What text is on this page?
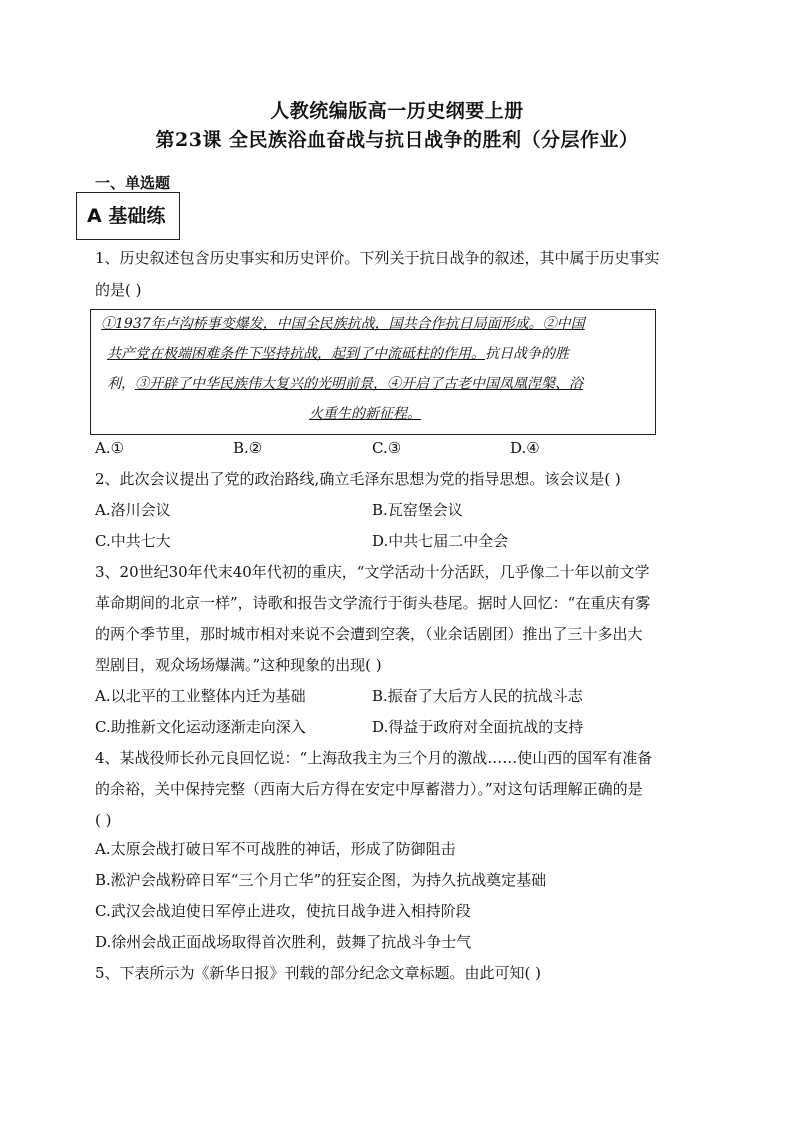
人教统编版高一历史纲要上册
第23课 全民族浴血奋战与抗日战争的胜利（分层作业）
一、单选题
A 基础练
1、历史叙述包含历史事实和历史评价。下列关于抗日战争的叙述，其中属于历史事实
的是( )
①1937年卢沟桥事变爆发，中国全民族抗战，国共合作抗日局面形成。②中国
共产党在极端困难条件下坚持抗战，起到了中流砥柱的作用。抗日战争的胜
利，③开辟了中华民族伟大复兴的光明前景，④开启了古老中国凤凰涅槃、浴
火重生的新征程。
A.①	B.②	C.③	D.④
2、此次会议提出了党的政治路线,确立毛泽东思想为党的指导思想。该会议是( )
A.洛川会议	B.瓦窑堡会议
C.中共七大	D.中共七届二中全会
3、20世纪30年代末40年代初的重庆，“文学活动十分活跃，几乎像二十年以前文学
革命期间的北京一样”，诗歌和报告文学流行于街头巷尾。据时人回忆：“在重庆有雾
的两个季节里，那时城市相对来说不会遭到空袭，（业余话剧团）推出了三十多出大
型剧目，观众场场爆满。”这种现象的出现( )
A.以北平的工业整体内迁为基础	B.振奋了大后方人民的抗战斗志
C.助推新文化运动逐渐走向深入	D.得益于政府对全面抗战的支持
4、某战役师长孙元良回忆说：“上海敌我主为三个月的激战……使山西的国军有准备
的余裕，关中保持完整（西南大后方得在安定中厚蓄潜力）。”对这句话理解正确的是
( )
A.太原会战打破日军不可战胜的神话，形成了防御阻击
B.淞沪会战粉碎日军“三个月亡华”的狂妄企图，为持久抗战奠定基础
C.武汉会战迫使日军停止进攻，使抗日战争进入相持阶段
D.徐州会战正面战场取得首次胜利，鼓舞了抗战斗争士气
5、下表所示为《新华日报》刊载的部分纪念文章标题。由此可知( )
